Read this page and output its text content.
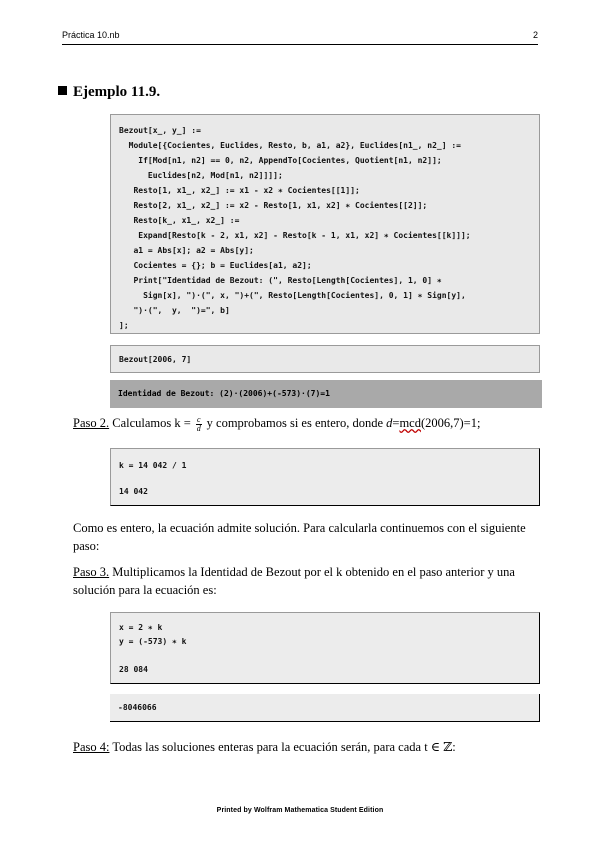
Práctica 10.nb	2
Ejemplo 11.9.
Bezout[x_, y_] :=
Module[{Cocientes, Euclides, Resto, b, a1, a2}, Euclides[n1_, n2_] :=
If[Mod[n1, n2] == 0, n2, AppendTo[Cocientes, Quotient[n1, n2]];
Euclides[n2, Mod[n1, n2]]]];
Resto[1, x1_, x2_] := x1 - x2 ∗ Cocientes[[1]];
Resto[2, x1_, x2_] := x2 - Resto[1, x1, x2] ∗ Cocientes[[2]];
Resto[k_, x1_, x2_] :=
Expand[Resto[k - 2, x1, x2] - Resto[k - 1, x1, x2] ∗ Cocientes[[k]]];
a1 = Abs[x]; a2 = Abs[y];
Cocientes = {}; b = Euclides[a1, a2];
Print["Identidad de Bezout: (", Resto[Length[Cocientes], 1, 0] ∗
Sign[x], ")·(", x, ")+(", Resto[Length[Cocientes], 0, 1] ∗ Sign[y],
")·(",  y,  ")=", b]
];
Bezout[2006, 7]
Identidad de Bezout: (2)·(2006)+(-573)·(7)=1
Paso 2. Calculamos $k = \frac{c}{d}$ y comprobamos si es entero, donde d=mcd(2006,7)=1;
k = 14 042 / 1
14 042
Como es entero, la ecuación admite solución. Para calcularla continuemos con el siguiente paso:
Paso 3. Multiplicamos la Identidad de Bezout por el k obtenido en el paso anterior y una solución para la ecuación es:
x = 2 ∗ k
y = (-573) ∗ k
28 084
-8046066
Paso 4: Todas las soluciones enteras para la ecuación serán, para cada t ∈ ℤ:
Printed by Wolfram Mathematica Student Edition
